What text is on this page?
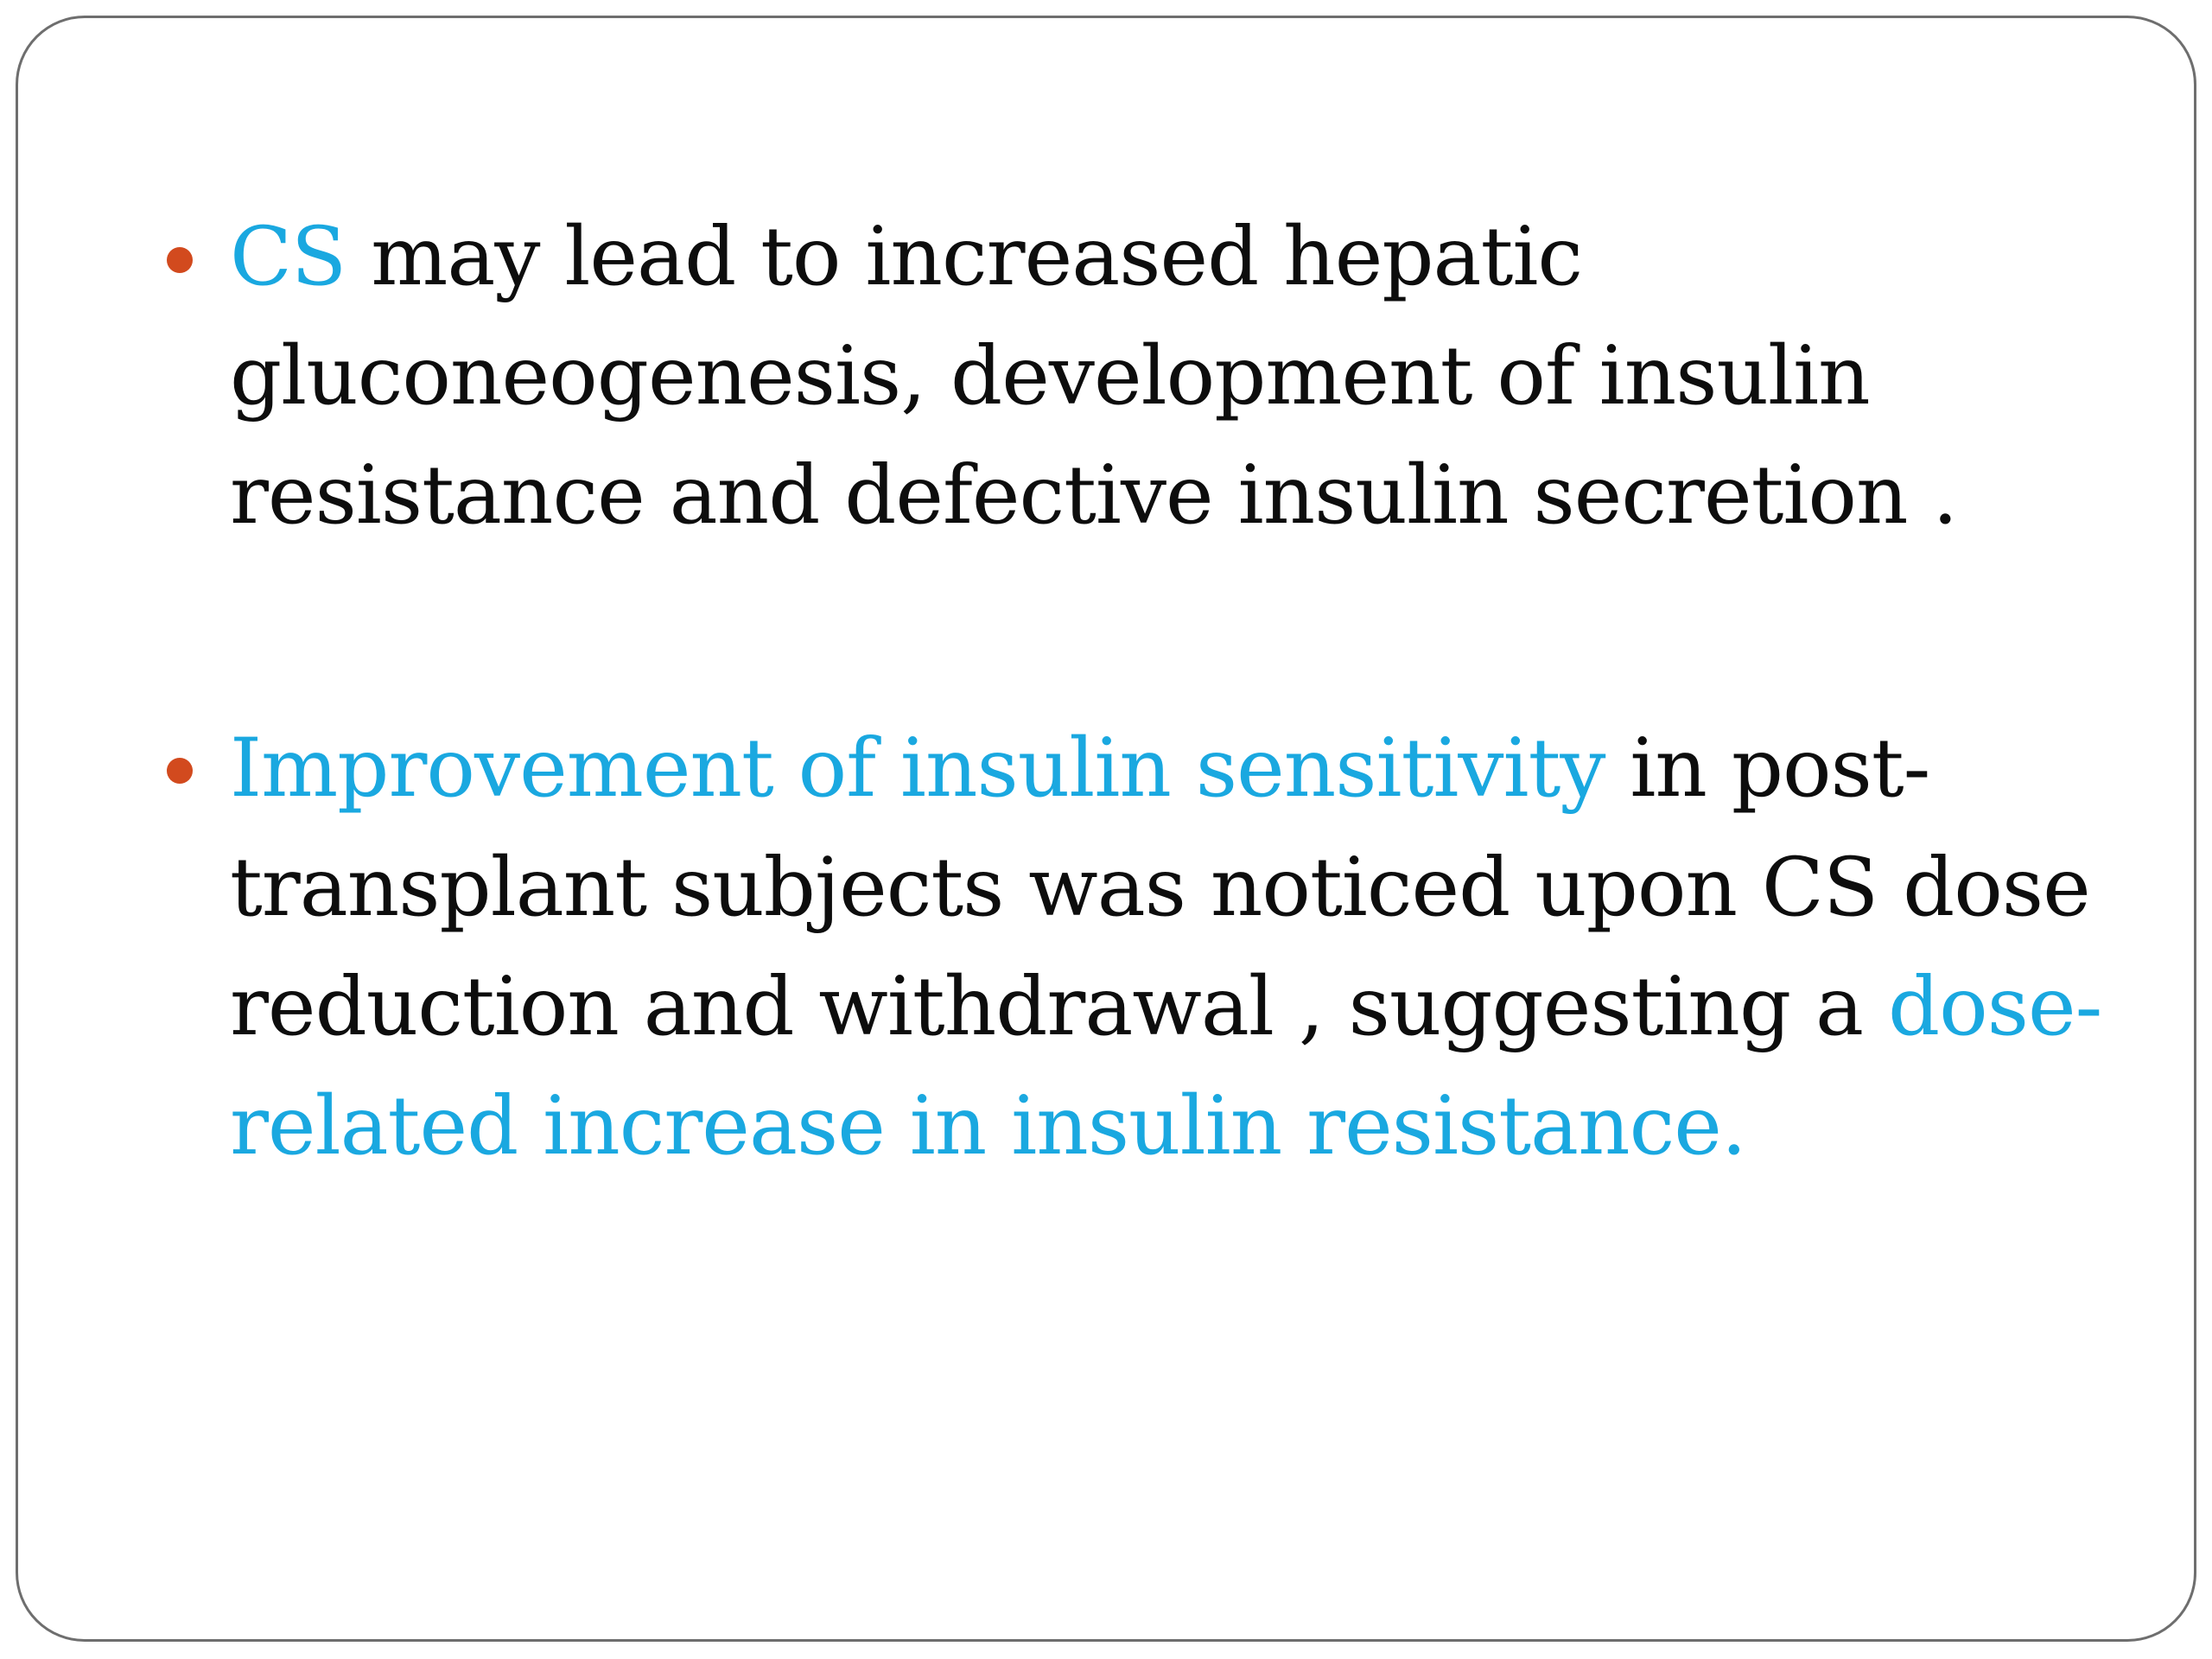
CS may lead to increased hepatic gluconeogenesis, development of insulin resistance and defective insulin secretion .
Improvement of insulin sensitivity in post-transplant subjects was noticed upon CS dose reduction and withdrawal , suggesting a dose-related increase in insulin resistance.
